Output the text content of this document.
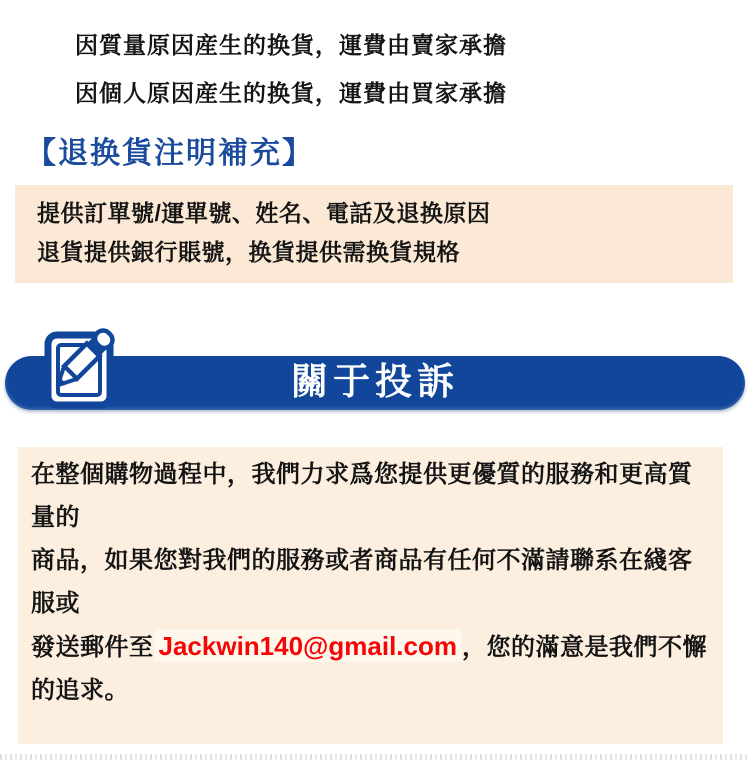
因質量原因産生的换貨，運費由賣家承擔

因個人原因産生的换貨，運費由買家承擔

【退换貨注明補充】

提供訂單號/運單號、姓名、電話及退换原因

退貨提供銀行賬號，换貨提供需换貨規格

關于投訴

在整個購物過程中，我們力求爲您提供更優質的服務和更高質量的

商品，如果您對我們的服務或者商品有任何不滿請聯系在綫客服或

發送郵件至 Jackwin140@gmail.com ，您的滿意是我們不懈的追求。
